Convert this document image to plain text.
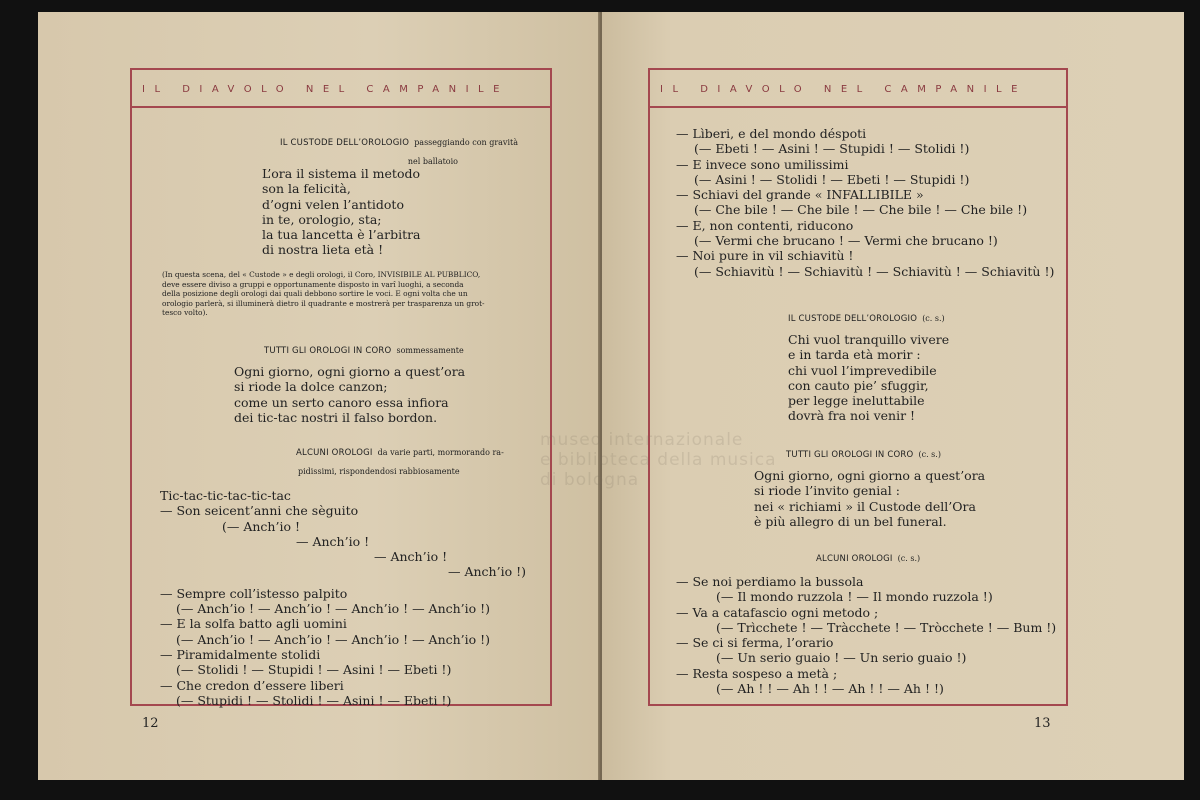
IL DIAVOLO NEL CAMPANILE
IL CUSTODE DELL’OROLOGIO passeggiando con gravità
nel ballatoio
L’ora il sistema il metodo
son la felicità,
d’ogni velen l’antidoto
in te, orologio, sta;
la tua lancetta è l’arbitra
di nostra lieta età !
(In questa scena, del « Custode » e degli orologi, il Coro, INVISIBILE AL PUBBLICO,
deve essere diviso a gruppi e opportunamente disposto in varî luoghi, a seconda
della posizione degli orologi dai quali debbono sortire le voci. E ogni volta che un
orologio parlerà, si illuminerà dietro il quadrante e mostrerà per trasparenza un grot-
tesco volto).
TUTTI GLI OROLOGI IN CORO sommessamente
Ogni giorno, ogni giorno a quest’ora
si riode la dolce canzon;
come un serto canoro essa infiora
dei tic-tac nostri il falso bordon.
ALCUNI OROLOGI da varie parti, mormorando ra-
pidissimi, rispondendosi rabbiosamente
Tic-tac-tic-tac-tic-tac
— Son seicent’anni che sèguito
(— Anch’io !
— Anch’io !
— Anch’io !
— Anch’io !)
— Sempre coll’istesso palpito
(— Anch’io ! — Anch’io ! — Anch’io ! — Anch’io !)
— E la solfa batto agli uomini
(— Anch’io ! — Anch’io ! — Anch’io ! — Anch’io !)
— Piramidalmente stolidi
(— Stolidi ! — Stupidi ! — Asini ! — Ebeti !)
— Che credon d’essere liberi
(— Stupidi ! — Stolidi ! — Asini ! — Ebeti !)
12
IL DIAVOLO NEL CAMPANILE
— Lìberi, e del mondo déspoti
(— Ebeti ! — Asini ! — Stupidi ! — Stolidi !)
— E invece sono umilissimi
(— Asini ! — Stolidi ! — Ebeti ! — Stupidi !)
— Schiavi del grande « INFALLIBILE »
(— Che bile ! — Che bile ! — Che bile ! — Che bile !)
— E, non contenti, riducono
(— Vermi che brucano ! — Vermi che brucano !)
— Noi pure in vil schiavitù !
(— Schiavitù ! — Schiavitù ! — Schiavitù ! — Schiavitù !)
IL CUSTODE DELL’OROLOGIO (c. s.)
Chi vuol tranquillo vivere
e in tarda età morir :
chi vuol l’imprevedibile
con cauto pie’ sfuggir,
per legge ineluttabile
dovrà fra noi venir !
TUTTI GLI OROLOGI IN CORO (c. s.)
Ogni giorno, ogni giorno a quest’ora
si riode l’invito genial :
nei « richiami » il Custode dell’Ora
è più allegro di un bel funeral.
ALCUNI OROLOGI (c. s.)
— Se noi perdiamo la bussola
(— Il mondo ruzzola ! — Il mondo ruzzola !)
— Va a catafascio ogni metodo ;
(— Trìcchete ! — Tràcchete ! — Tròcchete ! — Bum !)
— Se ci si ferma, l’orario
(— Un serio guaio ! — Un serio guaio !)
— Resta sospeso a metà ;
(— Ah ! ! — Ah ! ! — Ah ! ! — Ah ! !)
13
museo internazionale
e biblioteca della musica
di bologna
